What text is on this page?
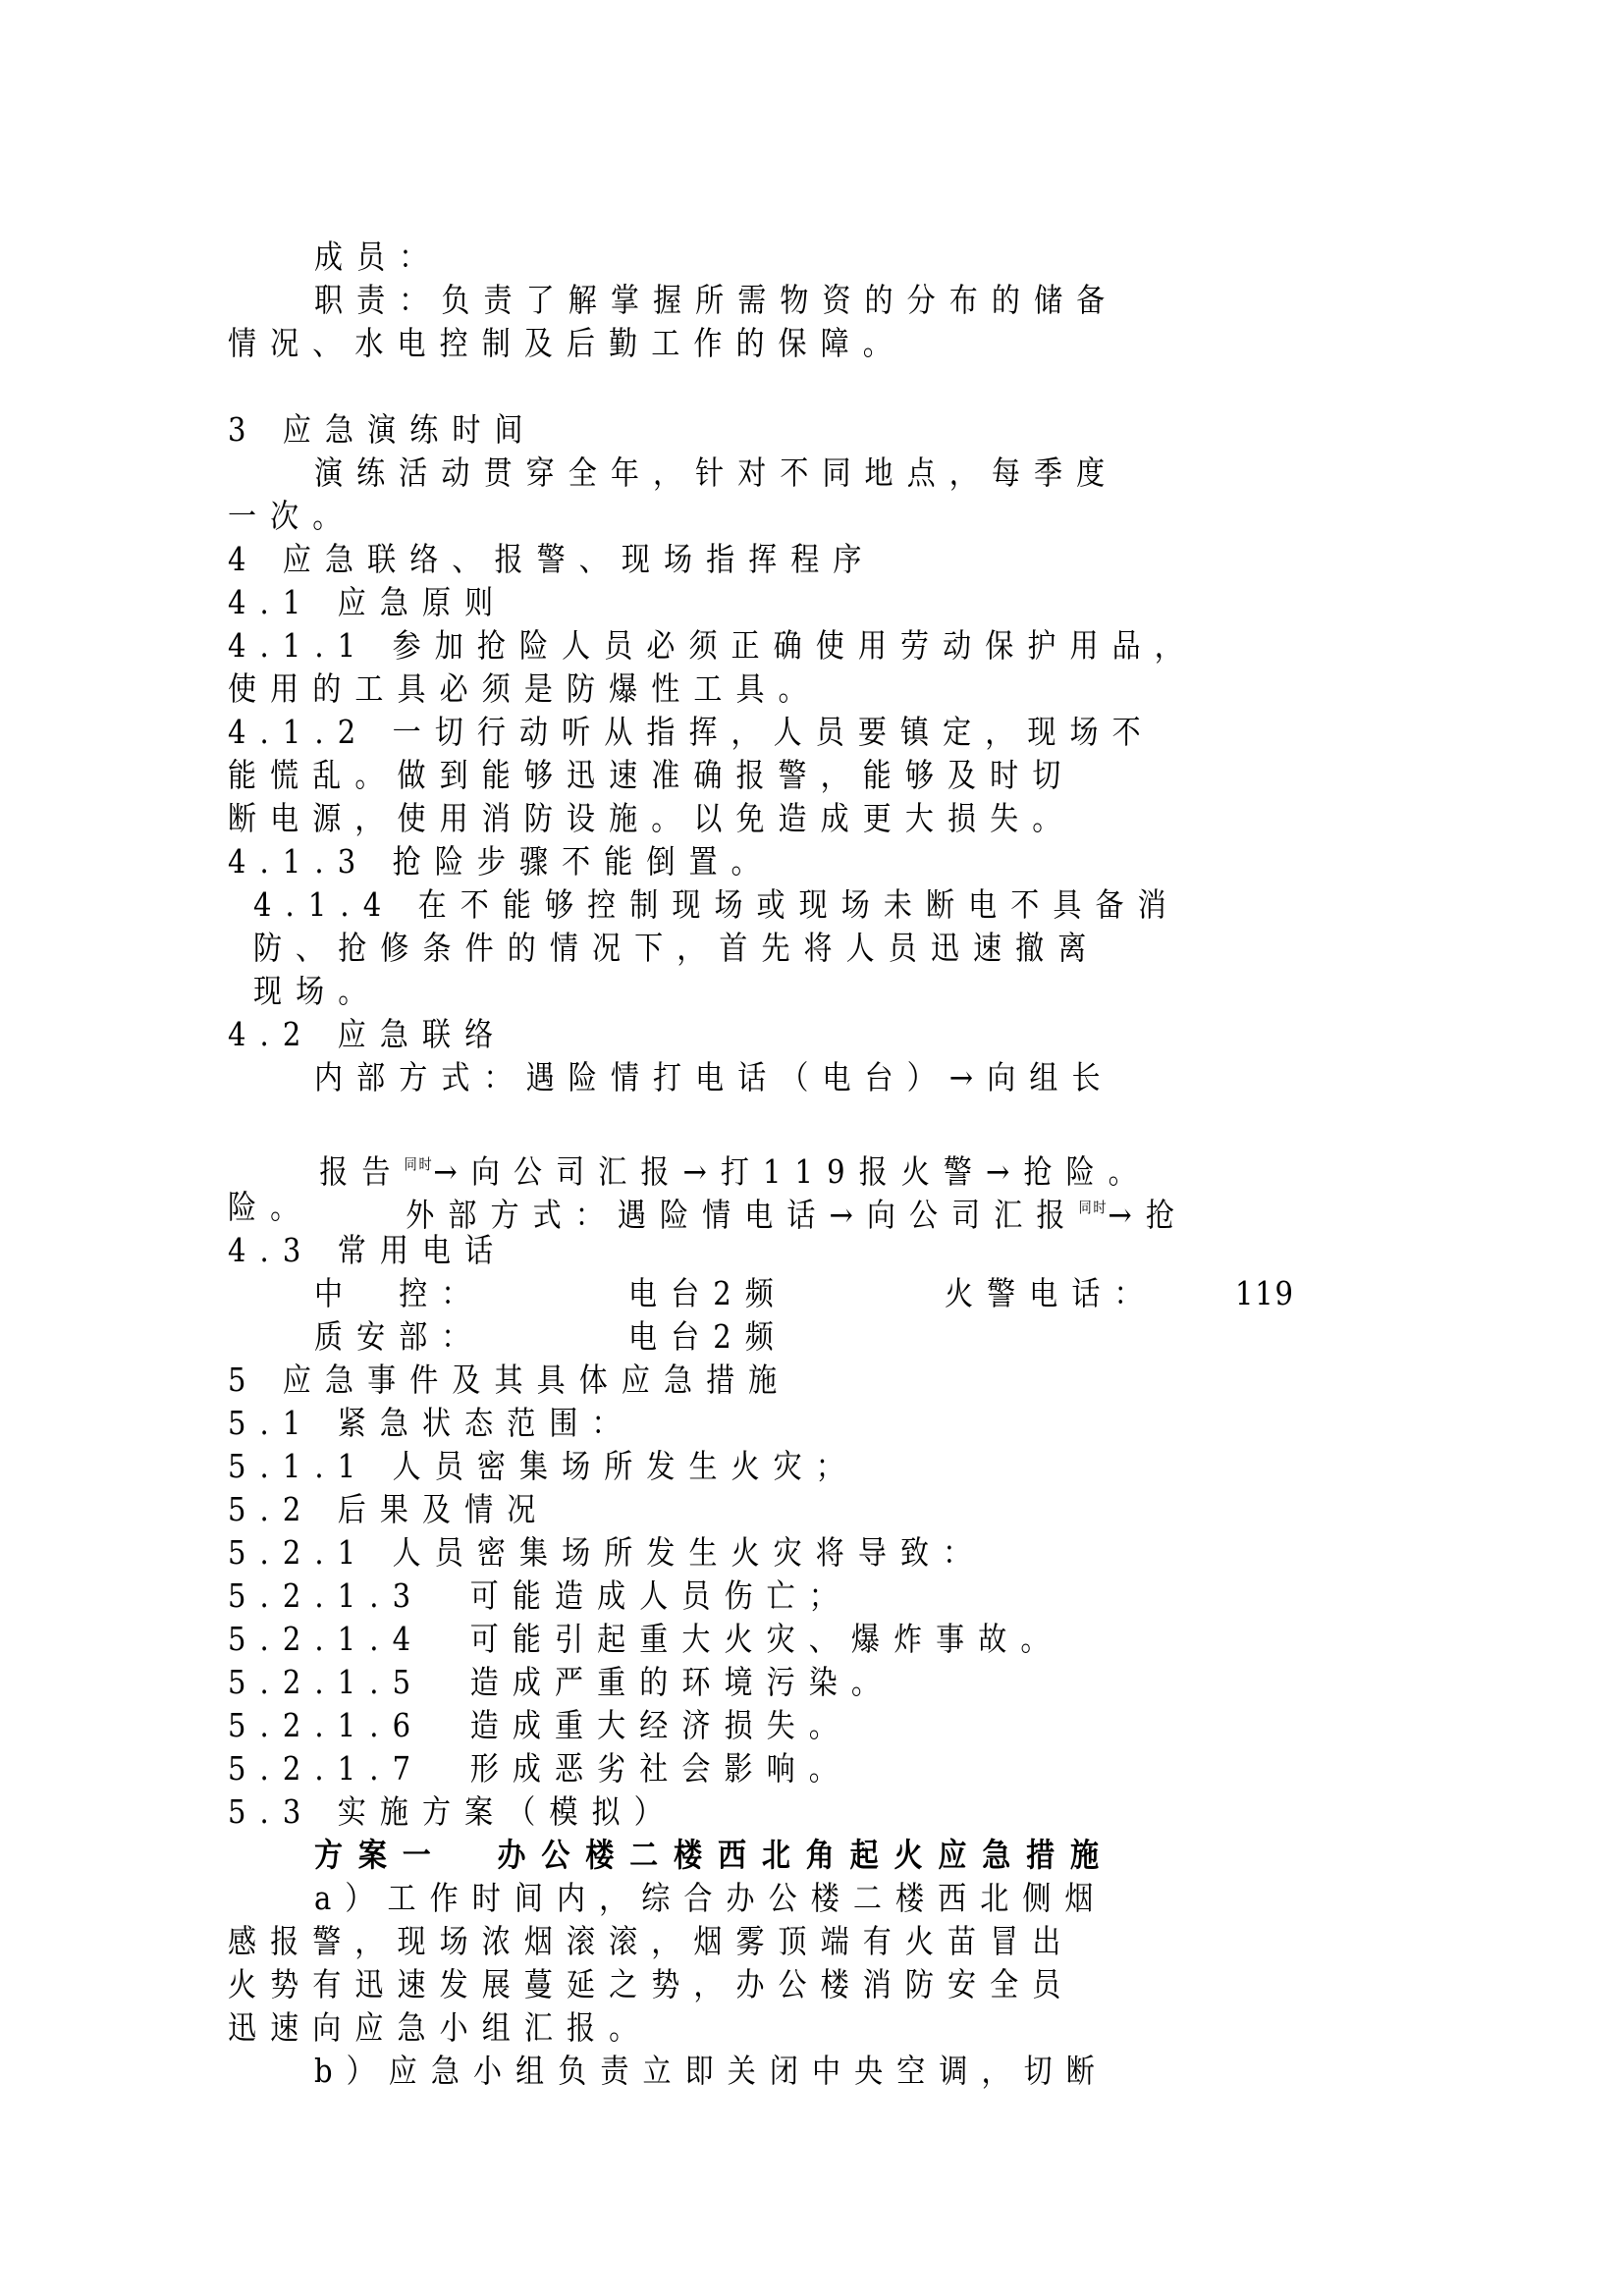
成员：
职责：负责了解掌握所需物资的分布的储备
情况、水电控制及后勤工作的保障。
3 应急演练时间
演练活动贯穿全年，针对不同地点，每季度
一次。
4 应急联络、报警、现场指挥程序
4.1 应急原则
4.1.1 参加抢险人员必须正确使用劳动保护用品，
使用的工具必须是防爆性工具。
4.1.2 一切行动听从指挥，人员要镇定，现场不
能慌乱。做到能够迅速准确报警，能够及时切
断电源，使用消防设施。以免造成更大损失。
4.1.3 抢险步骤不能倒置。
4.1.4 在不能够控制现场或现场未断电不具备消
防、抢修条件的情况下，首先将人员迅速撤离
现场。
4.2 应急联络
内部方式：遇险情打电话（电台）→向组长

报告$^{同时}$→向公司汇报→打119报火警→抢险。

外部方式：遇险情电话→向公司汇报$^{同时}$→抢

险。
4.3 常用电话
中　控：	电台2频	火警电话： 119
质安部：	电台2频
5 应急事件及其具体应急措施
5.1 紧急状态范围：
5.1.1 人员密集场所发生火灾；
5.2 后果及情况
5.2.1 人员密集场所发生火灾将导致：
5.2.1.3  可能造成人员伤亡；
5.2.1.4  可能引起重大火灾、爆炸事故。
5.2.1.5  造成严重的环境污染。
5.2.1.6  造成重大经济损失。
5.2.1.7  形成恶劣社会影响。
5.3 实施方案（模拟）
方案一  办公楼二楼西北角起火应急措施
a）工作时间内，综合办公楼二楼西北侧烟
感报警，现场浓烟滚滚，烟雾顶端有火苗冒出
火势有迅速发展蔓延之势，办公楼消防安全员
迅速向应急小组汇报。
b）应急小组负责立即关闭中央空调，切断
